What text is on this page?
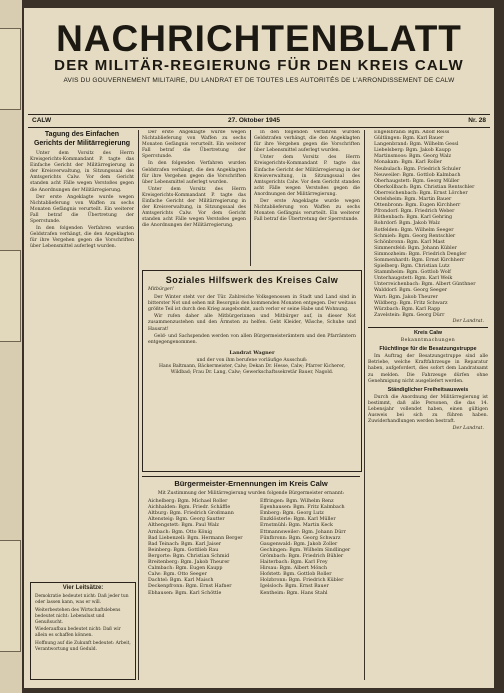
NACHRICHTENBLATT
DER MILITÄR-REGIERUNG FÜR DEN KREIS CALW
AVIS DU GOUVERNEMENT MILITAIRE, DU LANDRAT ET DE TOUTES LES AUTORITÉS DE L'ARRONDISSEMENT DE CALW
CALW	27. Oktober 1945	Nr. 28
Tagung des Einfachen Gerichts der Militärregierung

Unter dem Vorsitz des Herrn Kreisgerichts-Kommandant P. tagte das Einfache Gericht der Militärregierung in der Kreisverwaltung, in Sitzungssaal des Amtsgerichts Calw. Vor dem Gericht standen acht Fälle wegen Verstoßes gegen die Anordnungen der Militärregierung.

Der erste Angeklagte wurde wegen Nichtablieferung von Waffen zu sechs Monaten Gefängnis verurteilt. Ein weiterer Fall betraf die Übertretung der Sperrstunde.

In den folgenden Verfahren wurden Geldstrafen verhängt, die den Angeklagten für ihre Vergehen gegen die Vorschriften über Lebensmittel auferlegt wurden.

Vier Leitsätze:

Demokratie bedeutet nicht: Daß jeder tun oder lassen kann, was er will.

Weiterbestehen des Wirtschaftslebens bedeutet nicht: Lebenslust und Genußsucht.

Wiederaufbau bedeutet nicht: Daß wir allein es schaffen können.

Hoffnung auf die Zukunft bedeutet: Arbeit, Verantwortung und Geduld.

Soziales Hilfswerk des Kreises Calw
Mitbürger!

Der Winter steht vor der Tür. Zahlreiche Volksgenossen in Stadt und Land sind in bitterster Not und sehen mit Besorgnis den kommenden Monaten entgegen. Der weitaus größte Teil ist durch den Krieg ausgebombt, auch verlor er seine Habe und Wohnung.

Wir rufen daher alle Mitbürgerinnen und Mitbürger auf, in dieser Not zusammenzustehen und den Ärmsten zu helfen. Gebt Kleider, Wäsche, Schuhe und Hausrat!

Geld- und Sachspenden werden von allen Bürgermeisterämtern und den Pfarrämtern entgegengenommen.

Landrat Wagner
und der von ihm berufene vorläufige Ausschuß:
Hans Baltmann, Bäckermeister, Calw; Dekan Dr. Hesse, Calw; Pfarrer Kicherer, Wildbad; Frau Dr. Lang, Calw; Gewerkschaftssekretär Bauer, Nagold.
Bürgermeister-Ernennungen im Kreis Calw
Mit Zustimmung der Militärregierung wurden folgende Bürgermeister ernannt:

Aichelberg: Bgm. Michael Roller

Aichhalden: Bgm. Friedr. Schäffle

Altburg: Bgm. Friedrich Großmann

Altensteig: Bgm. Georg Sautter

Althengstett: Bgm. Paul Walz

Arnbach: Bgm. Otto König

Bad Liebenzell: Bgm. Hermann Berger

Bad Teinach: Bgm. Karl Jaiser

Beinberg: Bgm. Gottlieb Rau

Bergorte: Bgm. Christian Schmid

Breitenberg: Bgm. Jakob Theurer

Calmbach: Bgm. Eugen Kaupp

Calw: Bgm. Otto Seeger

Dachtel: Bgm. Karl Maisch

Deckenpfronn: Bgm. Ernst Hafner

Ebhausen: Bgm. Karl Schöttle

Effringen: Bgm. Wilhelm Renz

Egenhausen: Bgm. Fritz Kalmbach

Emberg: Bgm. Georg Lutz

Enzklösterle: Bgm. Karl Müller

Ernstmühl: Bgm. Martin Keck

Ettmannsweiler: Bgm. Johann Dürr

Fünfbronn: Bgm. Georg Schwarz

Gaugenwald: Bgm. Jakob Zoller

Gechingen: Bgm. Wilhelm Sindlinger

Grömbach: Bgm. Friedrich Bühler

Haiterbach: Bgm. Karl Frey

Hirsau: Bgm. Albert Mönch

Hofstett: Bgm. Gottlob Roller

Holzbronn: Bgm. Friedrich Kübler

Igelsloch: Bgm. Ernst Bauer

Kentheim: Bgm. Hans Stahl

Der erste Angeklagte wurde wegen Nichtablieferung von Waffen zu sechs Monaten Gefängnis verurteilt. Ein weiterer Fall betraf die Übertretung der Sperrstunde.

In den folgenden Verfahren wurden Geldstrafen verhängt, die den Angeklagten für ihre Vergehen gegen die Vorschriften über Lebensmittel auferlegt wurden.

Unter dem Vorsitz des Herrn Kreisgerichts-Kommandant P. tagte das Einfache Gericht der Militärregierung in der Kreisverwaltung, in Sitzungssaal des Amtsgerichts Calw. Vor dem Gericht standen acht Fälle wegen Verstoßes gegen die Anordnungen der Militärregierung.

In den folgenden Verfahren wurden Geldstrafen verhängt, die den Angeklagten für ihre Vergehen gegen die Vorschriften über Lebensmittel auferlegt wurden.

Unter dem Vorsitz des Herrn Kreisgerichts-Kommandant P. tagte das Einfache Gericht der Militärregierung in der Kreisverwaltung, in Sitzungssaal des Amtsgerichts Calw. Vor dem Gericht standen acht Fälle wegen Verstoßes gegen die Anordnungen der Militärregierung.

Der erste Angeklagte wurde wegen Nichtablieferung von Waffen zu sechs Monaten Gefängnis verurteilt. Ein weiterer Fall betraf die Übertretung der Sperrstunde.

Engelsbrand: Bgm. Adolf Reiss

Gültlingen: Bgm. Karl Bauer

Langenbrand: Bgm. Wilhelm Gessl

Liebelsberg: Bgm. Jakob Kaupp

Martinsmoos: Bgm. Georg Walz

Monakam: Bgm. Karl Roller

Neubulach: Bgm. Friedrich Schuler

Neuweiler: Bgm. Gottlob Kalmbach

Oberhaugstett: Bgm. Georg Müller

Oberkollbach: Bgm. Christian Rentschler

Oberreichenbach: Bgm. Ernst Lörcher

Ostelsheim: Bgm. Martin Bauer

Ottenbronn: Bgm. Eugen Kirchherr

Pfrondorf: Bgm. Friedrich Weber

Röthenbach: Bgm. Karl Gehring

Rohrdorf: Bgm. Jakob Walz

Rotfelden: Bgm. Wilhelm Seeger

Schmieh: Bgm. Georg Rentschler

Schönbronn: Bgm. Karl Mast

Simmersfeld: Bgm. Johann Kübler

Simmozheim: Bgm. Friedrich Dengler

Sommenhardt: Bgm. Ernst Kirchherr

Spielberg: Bgm. Christian Lutz

Stammheim: Bgm. Gottlob Wolf

Unterhaugstett: Bgm. Karl Weik

Unterreichenbach: Bgm. Albert Günthner

Walddorf: Bgm. Georg Seeger

Wart: Bgm. Jakob Theurer

Wildberg: Bgm. Fritz Schwarz

Würzbach: Bgm. Karl Rapp

Zavelstein: Bgm. Georg Dürr

Der Landrat.
Kreis Calw
Bekanntmachungen
Flüchtlinge für die Besatzungstruppe

Im Auftrag der Besatzungstruppe sind alle Betriebe, welche Kraftfahrzeuge in Reparatur haben, aufgefordert, dies sofort dem Landratsamt zu melden. Die Fahrzeuge dürfen ohne Genehmigung nicht ausgeliefert werden.

Ständiglicher Freiheitsausweis

Durch die Anordnung der Militärregierung ist bestimmt, daß alle Personen, die das 14. Lebensjahr vollendet haben, einen gültigen Ausweis bei sich zu führen haben. Zuwiderhandlungen werden bestraft.

Der Landrat.
